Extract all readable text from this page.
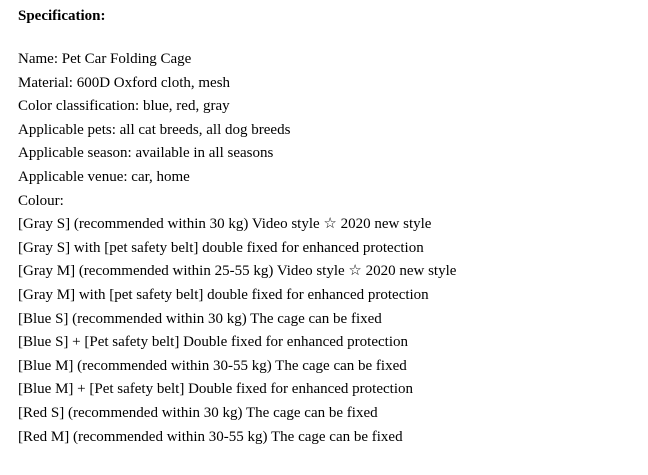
Specification:

Name: Pet Car Folding Cage
Material: 600D Oxford cloth, mesh
Color classification: blue, red, gray
Applicable pets: all cat breeds, all dog breeds
Applicable season: available in all seasons
Applicable venue: car, home
Colour:
[Gray S] (recommended within 30 kg) Video style ☆ 2020 new style
[Gray S] with [pet safety belt] double fixed for enhanced protection
[Gray M] (recommended within 25-55 kg) Video style ☆ 2020 new style
[Gray M] with [pet safety belt] double fixed for enhanced protection
[Blue S] (recommended within 30 kg) The cage can be fixed
[Blue S] + [Pet safety belt] Double fixed for enhanced protection
[Blue M] (recommended within 30-55 kg) The cage can be fixed
[Blue M] + [Pet safety belt] Double fixed for enhanced protection
[Red S] (recommended within 30 kg) The cage can be fixed
[Red M] (recommended within 30-55 kg) The cage can be fixed
